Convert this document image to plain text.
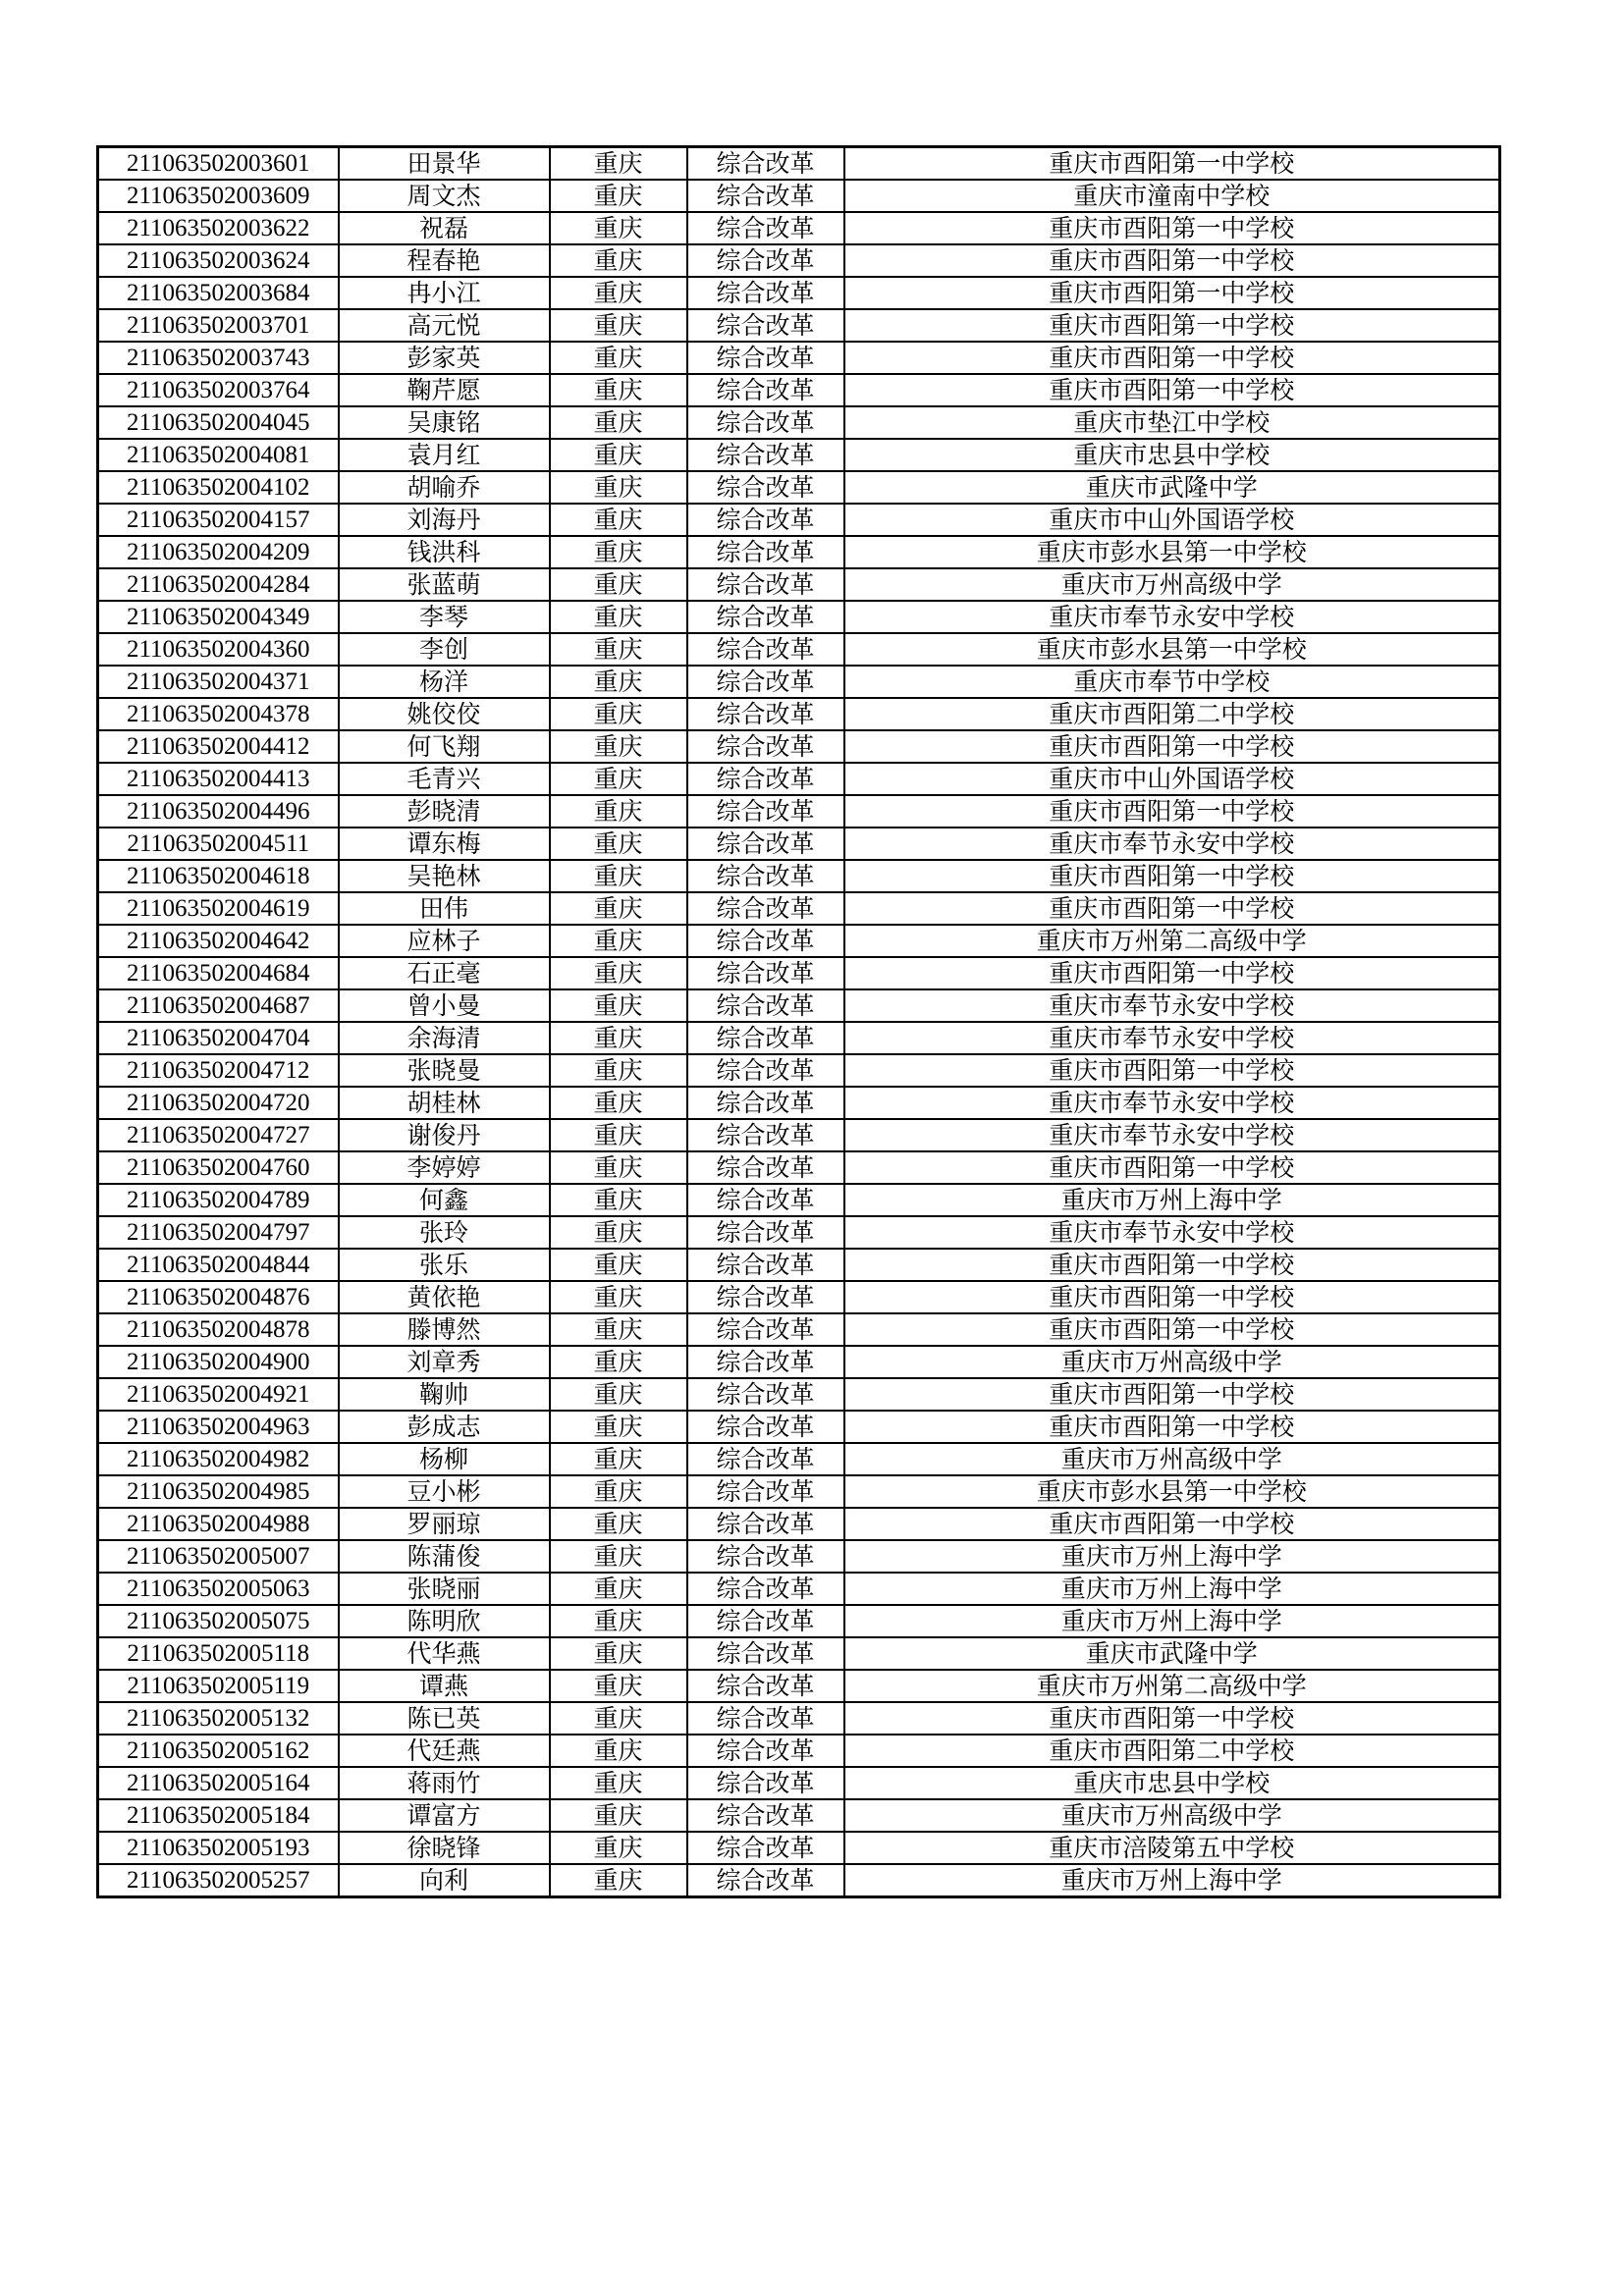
211063502003601	田景华	重庆	综合改革	重庆市酉阳第一中学校
211063502003609	周文杰	重庆	综合改革	重庆市潼南中学校
211063502003622	祝磊	重庆	综合改革	重庆市酉阳第一中学校
211063502003624	程春艳	重庆	综合改革	重庆市酉阳第一中学校
211063502003684	冉小江	重庆	综合改革	重庆市酉阳第一中学校
211063502003701	高元悦	重庆	综合改革	重庆市酉阳第一中学校
211063502003743	彭家英	重庆	综合改革	重庆市酉阳第一中学校
211063502003764	鞠芹愿	重庆	综合改革	重庆市酉阳第一中学校
211063502004045	吴康铭	重庆	综合改革	重庆市垫江中学校
211063502004081	袁月红	重庆	综合改革	重庆市忠县中学校
211063502004102	胡喻乔	重庆	综合改革	重庆市武隆中学
211063502004157	刘海丹	重庆	综合改革	重庆市中山外国语学校
211063502004209	钱洪科	重庆	综合改革	重庆市彭水县第一中学校
211063502004284	张蓝萌	重庆	综合改革	重庆市万州高级中学
211063502004349	李琴	重庆	综合改革	重庆市奉节永安中学校
211063502004360	李创	重庆	综合改革	重庆市彭水县第一中学校
211063502004371	杨洋	重庆	综合改革	重庆市奉节中学校
211063502004378	姚佼佼	重庆	综合改革	重庆市酉阳第二中学校
211063502004412	何飞翔	重庆	综合改革	重庆市酉阳第一中学校
211063502004413	毛青兴	重庆	综合改革	重庆市中山外国语学校
211063502004496	彭晓清	重庆	综合改革	重庆市酉阳第一中学校
211063502004511	谭东梅	重庆	综合改革	重庆市奉节永安中学校
211063502004618	吴艳林	重庆	综合改革	重庆市酉阳第一中学校
211063502004619	田伟	重庆	综合改革	重庆市酉阳第一中学校
211063502004642	应林子	重庆	综合改革	重庆市万州第二高级中学
211063502004684	石正毫	重庆	综合改革	重庆市酉阳第一中学校
211063502004687	曾小曼	重庆	综合改革	重庆市奉节永安中学校
211063502004704	余海清	重庆	综合改革	重庆市奉节永安中学校
211063502004712	张晓曼	重庆	综合改革	重庆市酉阳第一中学校
211063502004720	胡桂林	重庆	综合改革	重庆市奉节永安中学校
211063502004727	谢俊丹	重庆	综合改革	重庆市奉节永安中学校
211063502004760	李婷婷	重庆	综合改革	重庆市酉阳第一中学校
211063502004789	何鑫	重庆	综合改革	重庆市万州上海中学
211063502004797	张玲	重庆	综合改革	重庆市奉节永安中学校
211063502004844	张乐	重庆	综合改革	重庆市酉阳第一中学校
211063502004876	黄依艳	重庆	综合改革	重庆市酉阳第一中学校
211063502004878	滕博然	重庆	综合改革	重庆市酉阳第一中学校
211063502004900	刘章秀	重庆	综合改革	重庆市万州高级中学
211063502004921	鞠帅	重庆	综合改革	重庆市酉阳第一中学校
211063502004963	彭成志	重庆	综合改革	重庆市酉阳第一中学校
211063502004982	杨柳	重庆	综合改革	重庆市万州高级中学
211063502004985	豆小彬	重庆	综合改革	重庆市彭水县第一中学校
211063502004988	罗丽琼	重庆	综合改革	重庆市酉阳第一中学校
211063502005007	陈蒲俊	重庆	综合改革	重庆市万州上海中学
211063502005063	张晓丽	重庆	综合改革	重庆市万州上海中学
211063502005075	陈明欣	重庆	综合改革	重庆市万州上海中学
211063502005118	代华燕	重庆	综合改革	重庆市武隆中学
211063502005119	谭燕	重庆	综合改革	重庆市万州第二高级中学
211063502005132	陈已英	重庆	综合改革	重庆市酉阳第一中学校
211063502005162	代廷燕	重庆	综合改革	重庆市酉阳第二中学校
211063502005164	蒋雨竹	重庆	综合改革	重庆市忠县中学校
211063502005184	谭富方	重庆	综合改革	重庆市万州高级中学
211063502005193	徐晓锋	重庆	综合改革	重庆市涪陵第五中学校
211063502005257	向利	重庆	综合改革	重庆市万州上海中学
